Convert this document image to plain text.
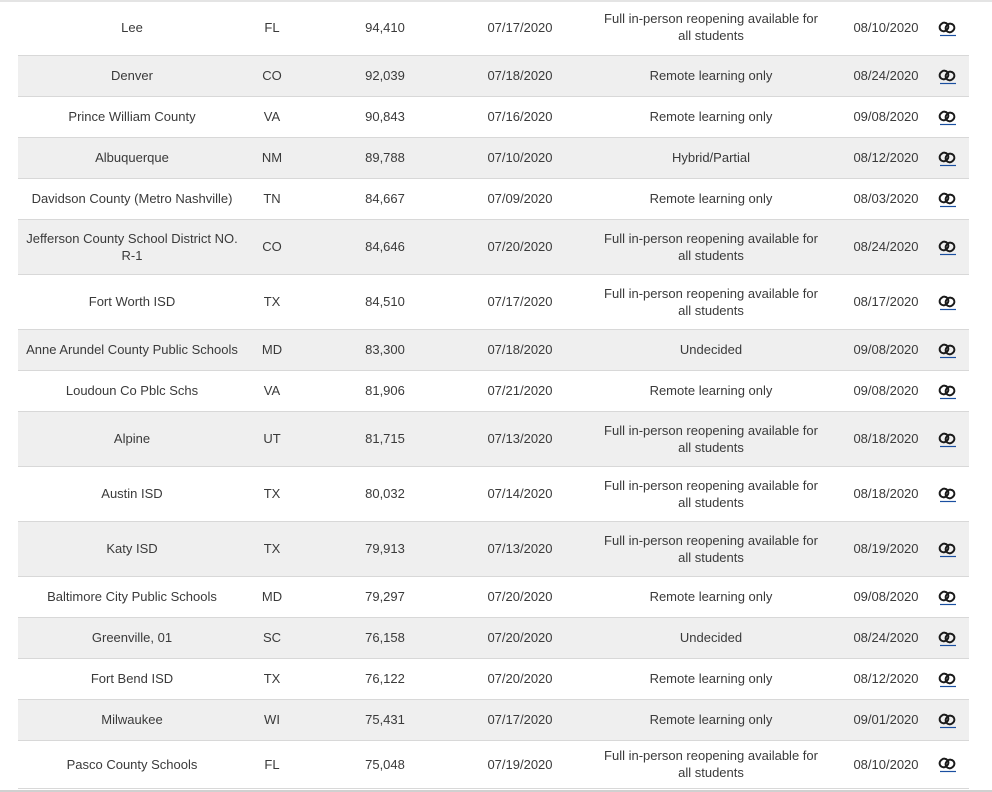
Lee	FL	94,410	07/17/2020	Full in-person reopening available for all students	08/10/2020	

Denver	CO	92,039	07/18/2020	Remote learning only	08/24/2020	

Prince William County	VA	90,843	07/16/2020	Remote learning only	09/08/2020	

Albuquerque	NM	89,788	07/10/2020	Hybrid/Partial	08/12/2020	

Davidson County (Metro Nashville)	TN	84,667	07/09/2020	Remote learning only	08/03/2020	

Jefferson County School District NO. R-1	CO	84,646	07/20/2020	Full in-person reopening available for all students	08/24/2020	

Fort Worth ISD	TX	84,510	07/17/2020	Full in-person reopening available for all students	08/17/2020	

Anne Arundel County Public Schools	MD	83,300	07/18/2020	Undecided	09/08/2020	

Loudoun Co Pblc Schs	VA	81,906	07/21/2020	Remote learning only	09/08/2020	

Alpine	UT	81,715	07/13/2020	Full in-person reopening available for all students	08/18/2020	

Austin ISD	TX	80,032	07/14/2020	Full in-person reopening available for all students	08/18/2020	

Katy ISD	TX	79,913	07/13/2020	Full in-person reopening available for all students	08/19/2020	

Baltimore City Public Schools	MD	79,297	07/20/2020	Remote learning only	09/08/2020	

Greenville, 01	SC	76,158	07/20/2020	Undecided	08/24/2020	

Fort Bend ISD	TX	76,122	07/20/2020	Remote learning only	08/12/2020	

Milwaukee	WI	75,431	07/17/2020	Remote learning only	09/01/2020	

Pasco County Schools	FL	75,048	07/19/2020	Full in-person reopening available for all students	08/10/2020	
